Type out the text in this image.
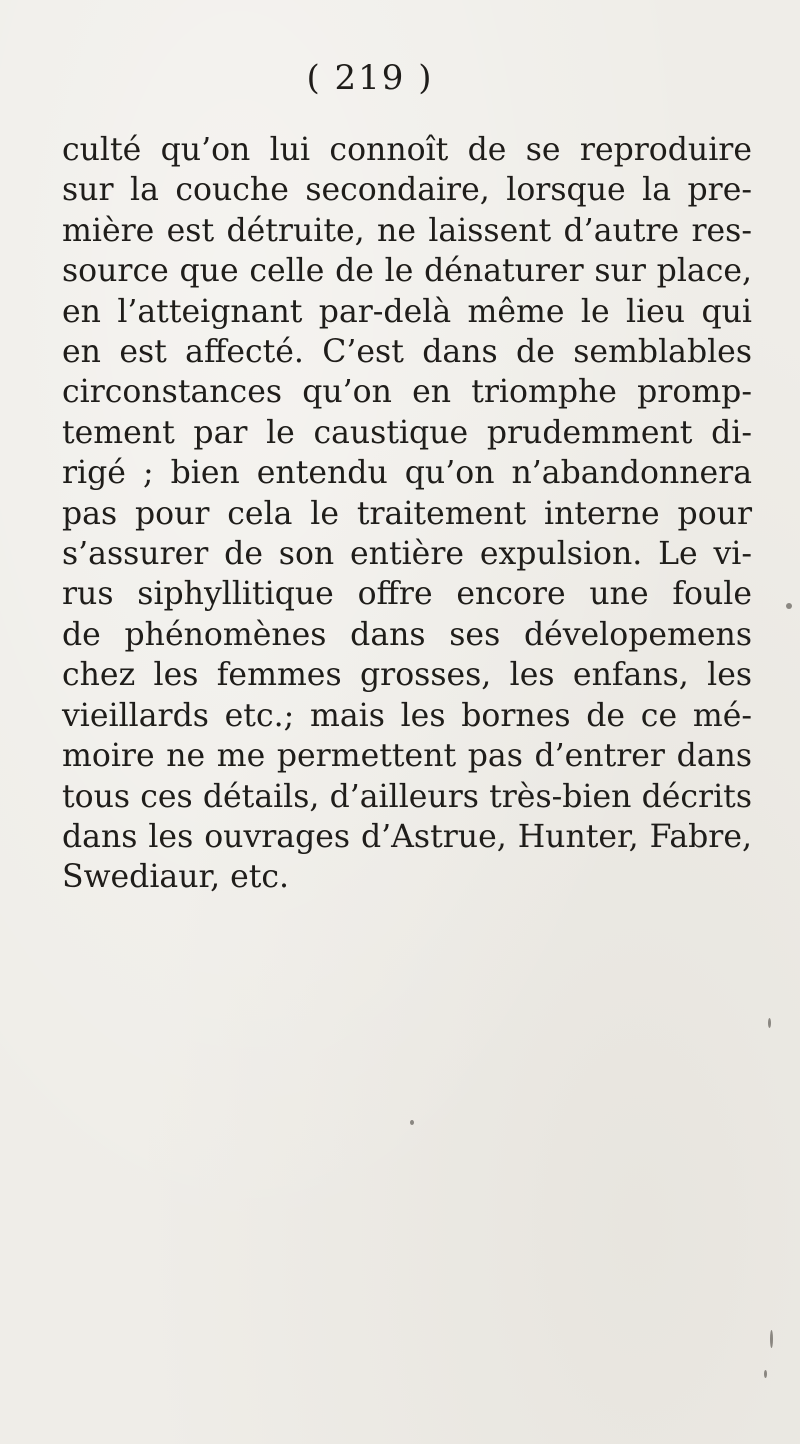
( 219 )
culté qu’on lui connoît de se reproduire
sur la couche secondaire, lorsque la pre-
mière est détruite, ne laissent d’autre res-
source que celle de le dénaturer sur place,
en l’atteignant par-delà même le lieu qui
en est affecté. C’est dans de semblables
circonstances qu’on en triomphe promp-
tement par le caustique prudemment di-
rigé ; bien entendu qu’on n’abandonnera
pas pour cela le traitement interne pour
s’assurer de son entière expulsion. Le vi-
rus siphyllitique offre encore une foule
de phénomènes dans ses dévelopemens
chez les femmes grosses, les enfans, les
vieillards etc.; mais les bornes de ce mé-
moire ne me permettent pas d’entrer dans
tous ces détails, d’ailleurs très-bien décrits
dans les ouvrages d’Astrue, Hunter, Fabre,
Swediaur, etc.
